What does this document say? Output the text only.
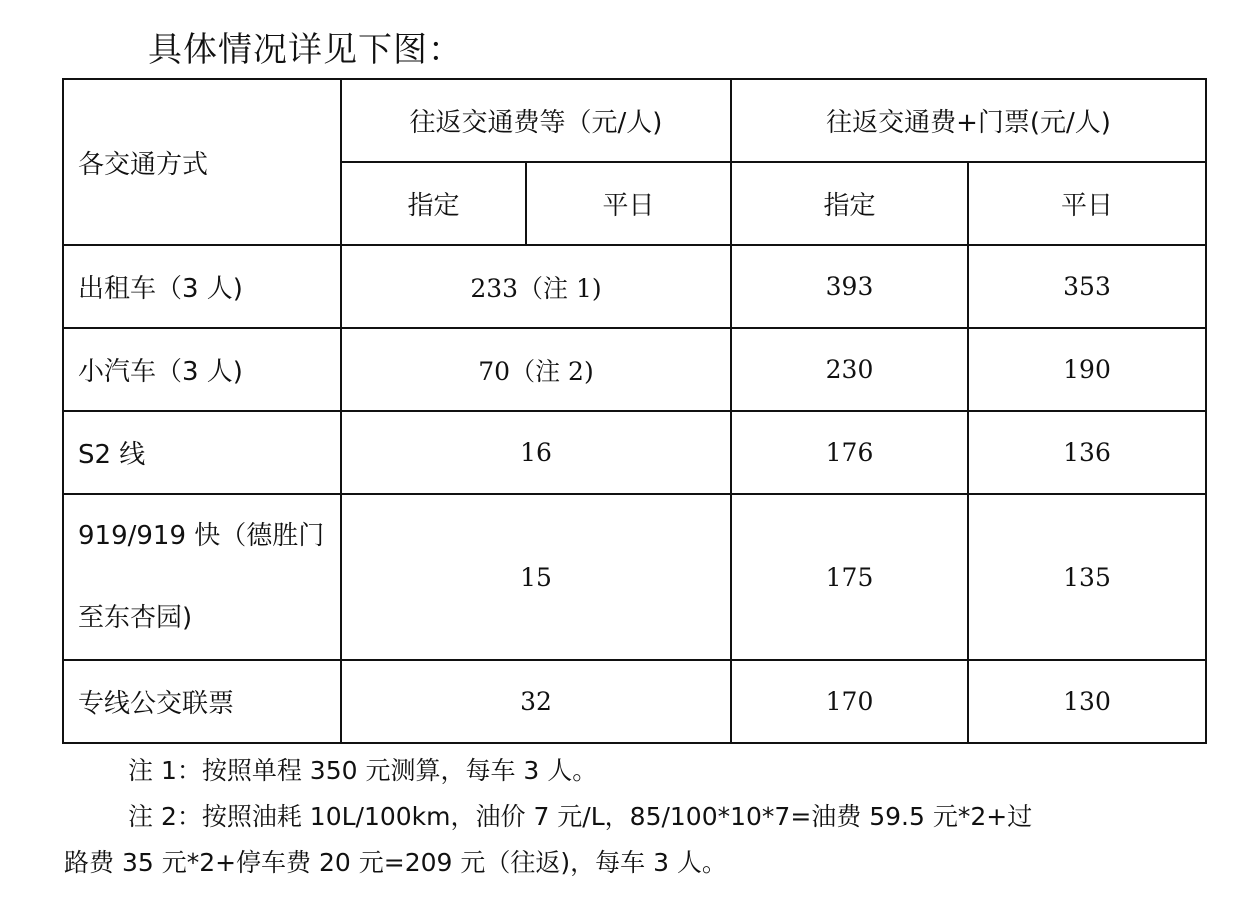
具体情况详见下图：

各交通方式	往返交通费等（元/人)		往返交通费+门票(元/人)	
	指定	平日	指定	平日
出租车（3 人)	233（注 1)		393	353
小汽车（3 人)	70（注 2)		230	190
S2 线	16		176	136

919/919 快（德胜门
至东杏园)	15		175	135
专线公交联票	32		170	130

注 1：按照单程 350 元测算，每车 3 人。

注 2：按照油耗 10L/100km，油价 7 元/L，85/100*10*7=油费 59.5 元*2+过

路费 35 元*2+停车费 20 元=209 元（往返)，每车 3 人。
